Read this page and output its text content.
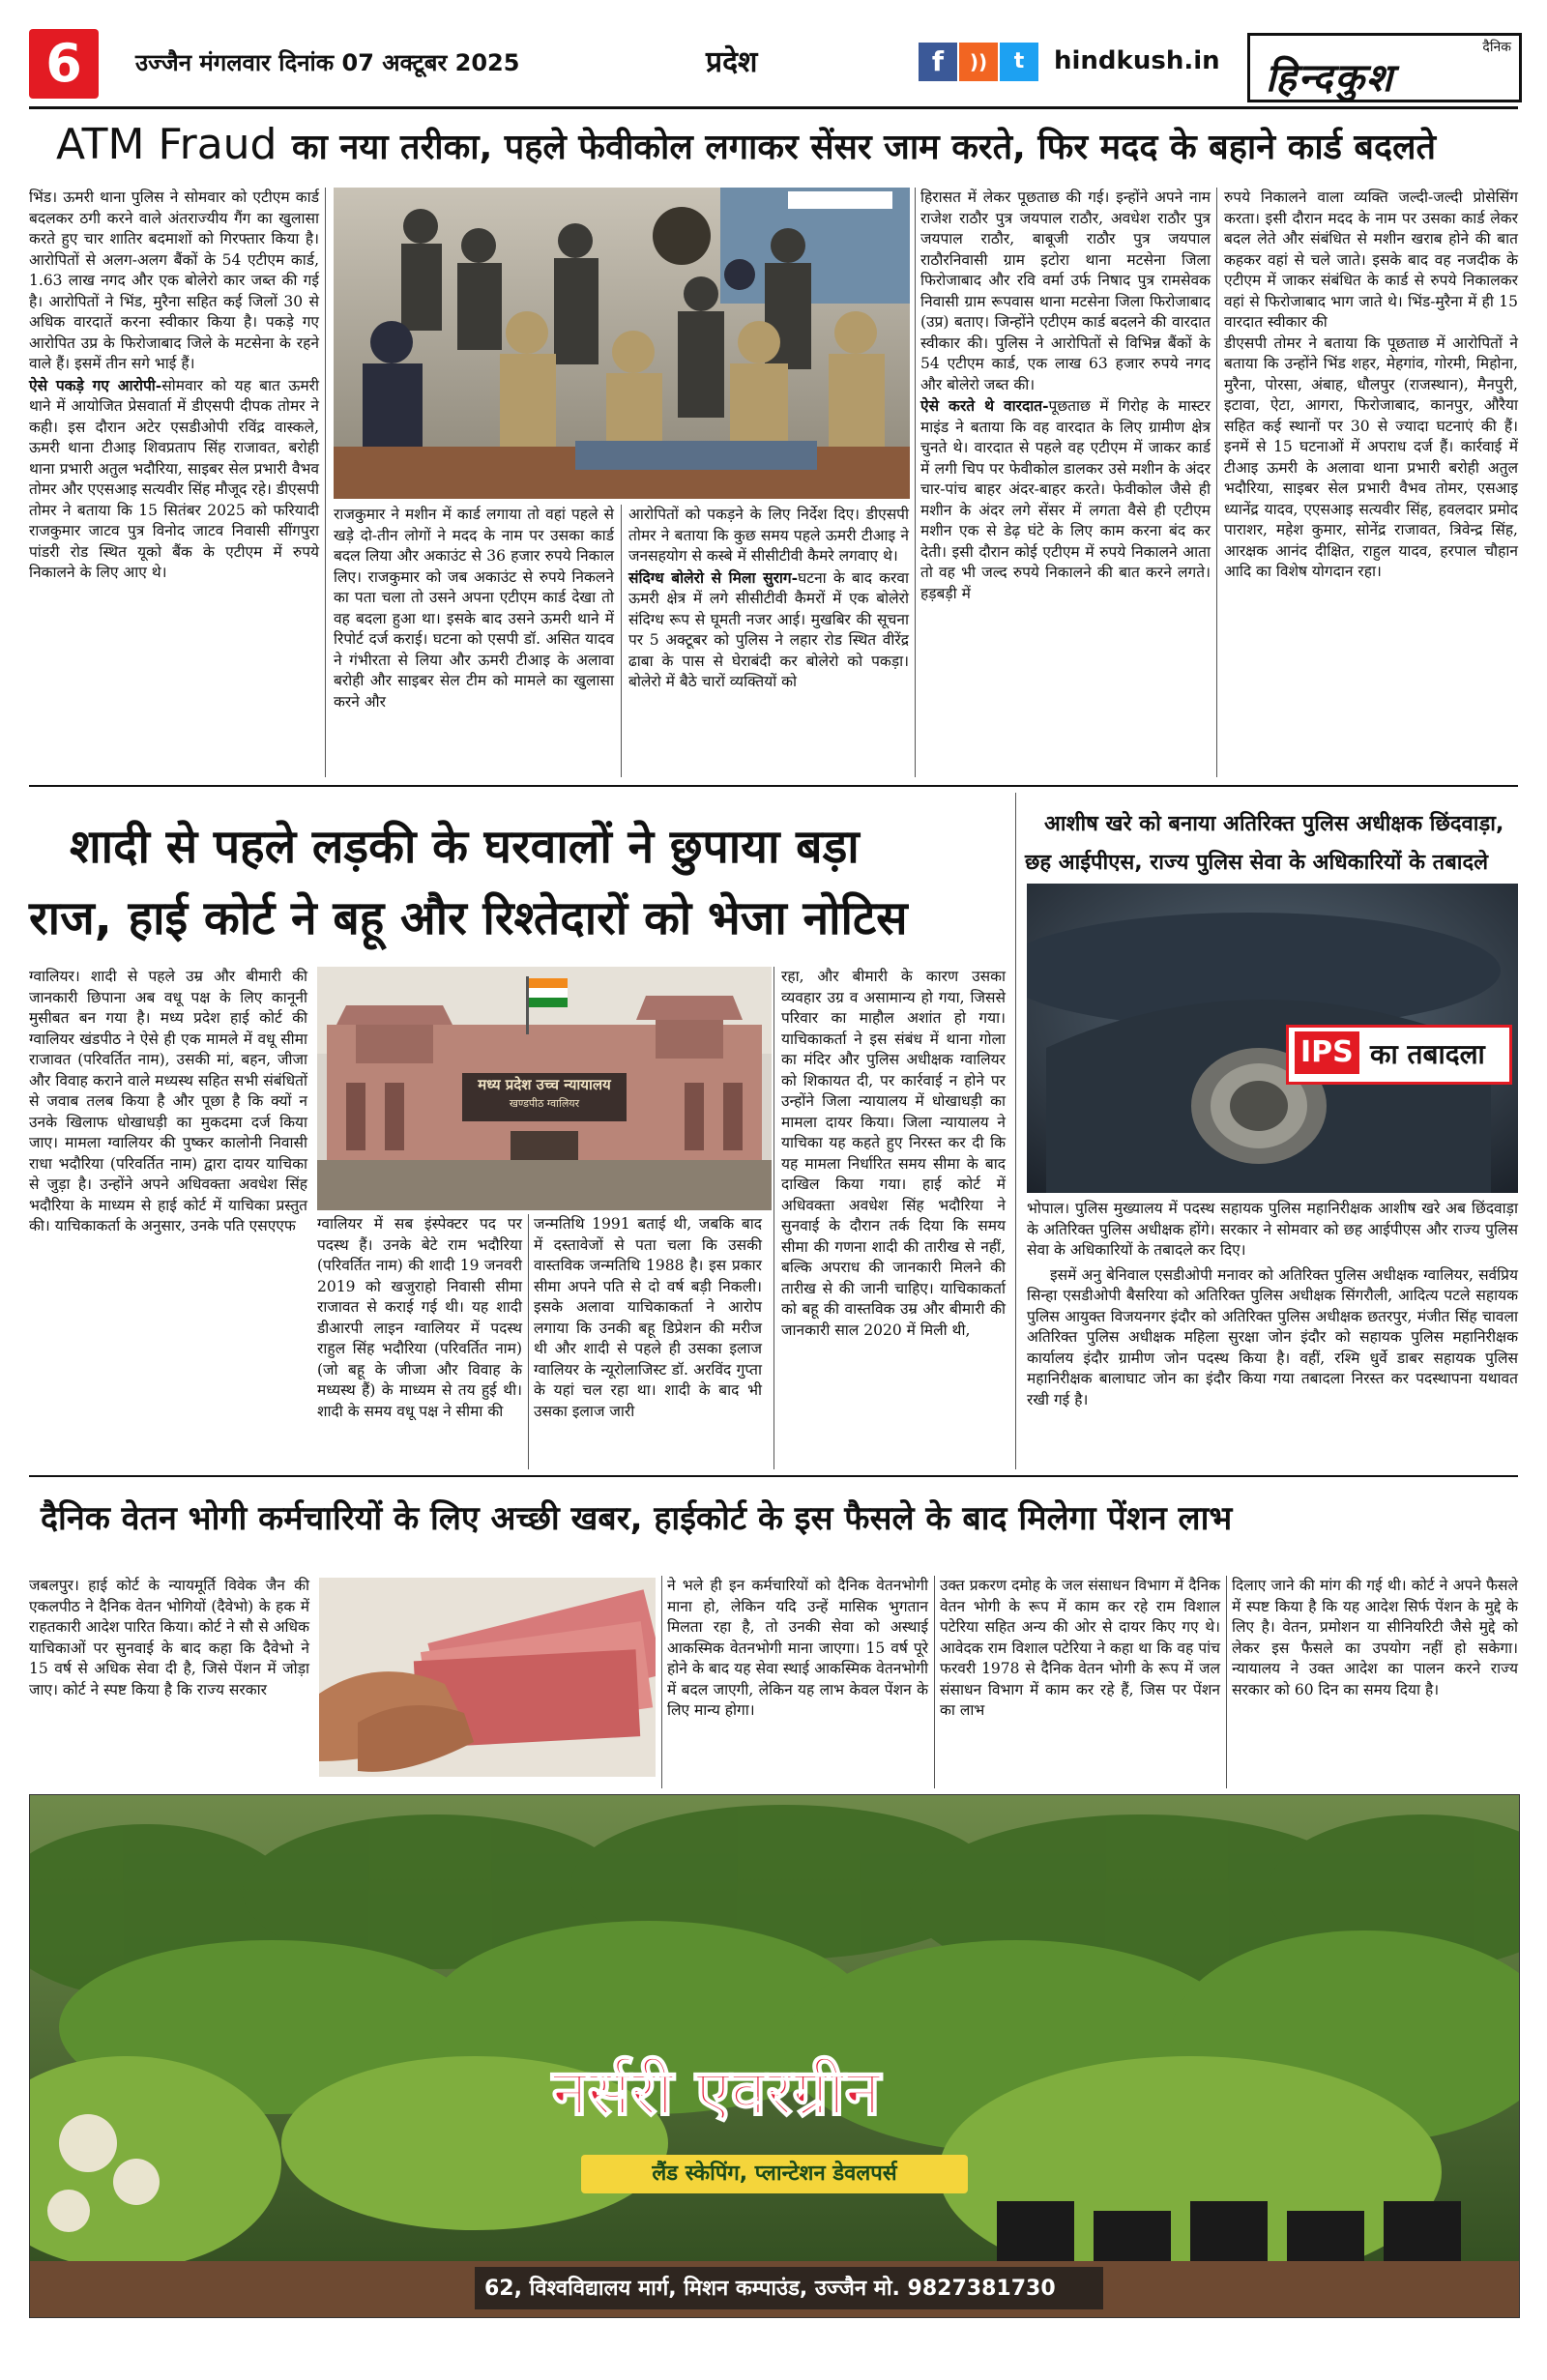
6	उज्जैन मंगलवार दिनांक 07 अक्टूबर 2025	प्रदेश	f	))	t	hindkush.in	दैनिक
हिन्दकुश
ATM Fraud का नया तरीका, पहले फेवीकोल लगाकर सेंसर जाम करते, फिर मदद के बहाने कार्ड बदलते

भिंड। ऊमरी थाना पुलिस ने सोमवार को एटीएम कार्ड बदलकर ठगी करने वाले अंतराज्यीय गैंग का खुलासा करते हुए चार शातिर बदमाशों को गिरफ्तार किया है। आरोपितों से अलग-अलग बैंकों के 54 एटीएम कार्ड, 1.63 लाख नगद और एक बोलेरो कार जब्त की गई है। आरोपितों ने भिंड, मुरैना सहित कई जिलों 30 से अधिक वारदातें करना स्वीकार किया है। पकड़े गए आरोपित उप्र के फिरोजाबाद जिले के मटसेना के रहने वाले हैं। इसमें तीन सगे भाई हैं।

ऐसे पकड़े गए आरोपी-सोमवार को यह बात ऊमरी थाने में आयोजित प्रेसवार्ता में डीएसपी दीपक तोमर ने कही। इस दौरान अटेर एसडीओपी रविंद्र वास्कले, ऊमरी थाना टीआइ शिवप्रताप सिंह राजावत, बरोही थाना प्रभारी अतुल भदौरिया, साइबर सेल प्रभारी वैभव तोमर और एएसआइ सत्यवीर सिंह मौजूद रहे। डीएसपी तोमर ने बताया कि 15 सितंबर 2025 को फरियादी राजकुमार जाटव पुत्र विनोद जाटव निवासी सींगपुरा पांडरी रोड स्थित यूको बैंक के एटीएम में रुपये निकालने के लिए आए थे।

राजकुमार ने मशीन में कार्ड लगाया तो वहां पहले से खड़े दो-तीन लोगों ने मदद के नाम पर उसका कार्ड बदल लिया और अकाउंट से 36 हजार रुपये निकाल लिए। राजकुमार को जब अकाउंट से रुपये निकलने का पता चला तो उसने अपना एटीएम कार्ड देखा तो वह बदला हुआ था। इसके बाद उसने ऊमरी थाने में रिपोर्ट दर्ज कराई। घटना को एसपी डॉ. असित यादव ने गंभीरता से लिया और ऊमरी टीआइ के अलावा बरोही और साइबर सेल टीम को मामले का खुलासा करने और

आरोपितों को पकड़ने के लिए निर्देश दिए। डीएसपी तोमर ने बताया कि कुछ समय पहले ऊमरी टीआइ ने जनसहयोग से कस्बे में सीसीटीवी कैमरे लगवाए थे।

संदिग्ध बोलेरो से मिला सुराग-घटना के बाद करवा ऊमरी क्षेत्र में लगे सीसीटीवी कैमरों में एक बोलेरो संदिग्ध रूप से घूमती नजर आई। मुखबिर की सूचना पर 5 अक्टूबर को पुलिस ने लहार रोड स्थित वीरेंद्र ढाबा के पास से घेराबंदी कर बोलेरो को पकड़ा। बोलेरो में बैठे चारों व्यक्तियों को

हिरासत में लेकर पूछताछ की गई। इन्होंने अपने नाम राजेश राठौर पुत्र जयपाल राठौर, अवधेश राठौर पुत्र जयपाल राठौर, बाबूजी राठौर पुत्र जयपाल राठौरनिवासी ग्राम इटोरा थाना मटसेना जिला फिरोजाबाद और रवि वर्मा उर्फ निषाद पुत्र रामसेवक निवासी ग्राम रूपवास थाना मटसेना जिला फिरोजाबाद (उप्र) बताए। जिन्होंने एटीएम कार्ड बदलने की वारदात स्वीकार की। पुलिस ने आरोपितों से विभिन्न बैंकों के 54 एटीएम कार्ड, एक लाख 63 हजार रुपये नगद और बोलेरो जब्त की।

ऐसे करते थे वारदात-पूछताछ में गिरोह के मास्टर माइंड ने बताया कि वह वारदात के लिए ग्रामीण क्षेत्र चुनते थे। वारदात से पहले वह एटीएम में जाकर कार्ड में लगी चिप पर फेवीकोल डालकर उसे मशीन के अंदर चार-पांच बाहर अंदर-बाहर करते। फेवीकोल जैसे ही मशीन के अंदर लगे सेंसर में लगता वैसे ही एटीएम मशीन एक से डेढ़ घंटे के लिए काम करना बंद कर देती। इसी दौरान कोई एटीएम में रुपये निकालने आता तो वह भी जल्द रुपये निकालने की बात करने लगते। हड़बड़ी में

रुपये निकालने वाला व्यक्ति जल्दी-जल्दी प्रोसेसिंग करता। इसी दौरान मदद के नाम पर उसका कार्ड लेकर बदल लेते और संबंधित से मशीन खराब होने की बात कहकर वहां से चले जाते। इसके बाद वह नजदीक के एटीएम में जाकर संबंधित के कार्ड से रुपये निकालकर वहां से फिरोजाबाद भाग जाते थे। भिंड-मुरैना में ही 15 वारदात स्वीकार की

डीएसपी तोमर ने बताया कि पूछताछ में आरोपितों ने बताया कि उन्होंने भिंड शहर, मेहगांव, गोरमी, मिहोना, मुरैना, पोरसा, अंबाह, धौलपुर (राजस्थान), मैनपुरी, इटावा, ऐटा, आगरा, फिरोजाबाद, कानपुर, औरैया सहित कई स्थानों पर 30 से ज्यादा घटनाएं की हैं। इनमें से 15 घटनाओं में अपराध दर्ज हैं। कार्रवाई में टीआइ ऊमरी के अलावा थाना प्रभारी बरोही अतुल भदौरिया, साइबर सेल प्रभारी वैभव तोमर, एसआइ ध्यानेंद्र यादव, एएसआइ सत्यवीर सिंह, हवलदार प्रमोद पाराशर, महेश कुमार, सोनेंद्र राजावत, त्रिवेन्द्र सिंह, आरक्षक आनंद दीक्षित, राहुल यादव, हरपाल चौहान आदि का विशेष योगदान रहा।

शादी से पहले लड़की के घरवालों ने छुपाया बड़ा
राज, हाई कोर्ट ने बहू और रिश्तेदारों को भेजा नोटिस

ग्वालियर। शादी से पहले उम्र और बीमारी की जानकारी छिपाना अब वधू पक्ष के लिए कानूनी मुसीबत बन गया है। मध्य प्रदेश हाई कोर्ट की ग्वालियर खंडपीठ ने ऐसे ही एक मामले में वधू सीमा राजावत (परिवर्तित नाम), उसकी मां, बहन, जीजा और विवाह कराने वाले मध्यस्थ सहित सभी संबंधितों से जवाब तलब किया है और पूछा है कि क्यों न उनके खिलाफ धोखाधड़ी का मुकदमा दर्ज किया जाए। मामला ग्वालियर की पुष्कर कालोनी निवासी राधा भदौरिया (परिवर्तित नाम) द्वारा दायर याचिका से जुड़ा है। उन्होंने अपने अधिवक्ता अवधेश सिंह भदौरिया के माध्यम से हाई कोर्ट में याचिका प्रस्तुत की। याचिकाकर्ता के अनुसार, उनके पति एसएएफ

मध्य प्रदेश उच्च न्यायालय
खण्डपीठ ग्वालियर

ग्वालियर में सब इंस्पेक्टर पद पर पदस्थ हैं। उनके बेटे राम भदौरिया (परिवर्तित नाम) की शादी 19 जनवरी 2019 को खजुराहो निवासी सीमा राजावत से कराई गई थी। यह शादी डीआरपी लाइन ग्वालियर में पदस्थ राहुल सिंह भदौरिया (परिवर्तित नाम) (जो बहू के जीजा और विवाह के मध्यस्थ हैं) के माध्यम से तय हुई थी। शादी के समय वधू पक्ष ने सीमा की

जन्मतिथि 1991 बताई थी, जबकि बाद में दस्तावेजों से पता चला कि उसकी वास्तविक जन्मतिथि 1988 है। इस प्रकार सीमा अपने पति से दो वर्ष बड़ी निकली। इसके अलावा याचिकाकर्ता ने आरोप लगाया कि उनकी बहू डिप्रेशन की मरीज थी और शादी से पहले ही उसका इलाज ग्वालियर के न्यूरोलाजिस्ट डॉ. अरविंद गुप्ता के यहां चल रहा था। शादी के बाद भी उसका इलाज जारी

रहा, और बीमारी के कारण उसका व्यवहार उग्र व असामान्य हो गया, जिससे परिवार का माहौल अशांत हो गया। याचिकाकर्ता ने इस संबंध में थाना गोला का मंदिर और पुलिस अधीक्षक ग्वालियर को शिकायत दी, पर कार्रवाई न होने पर उन्होंने जिला न्यायालय में धोखाधड़ी का मामला दायर किया। जिला न्यायालय ने याचिका यह कहते हुए निरस्त कर दी कि यह मामला निर्धारित समय सीमा के बाद दाखिल किया गया। हाई कोर्ट में अधिवक्ता अवधेश सिंह भदौरिया ने सुनवाई के दौरान तर्क दिया कि समय सीमा की गणना शादी की तारीख से नहीं, बल्कि अपराध की जानकारी मिलने की तारीख से की जानी चाहिए। याचिकाकर्ता को बहू की वास्तविक उम्र और बीमारी की जानकारी साल 2020 में मिली थी,

आशीष खरे को बनाया अतिरिक्त पुलिस अधीक्षक छिंदवाड़ा,
छह आईपीएस, राज्य पुलिस सेवा के अधिकारियों के तबादले
IPS का तबादला

भोपाल। पुलिस मुख्यालय में पदस्थ सहायक पुलिस महानिरीक्षक आशीष खरे अब छिंदवाड़ा के अतिरिक्त पुलिस अधीक्षक होंगे। सरकार ने सोमवार को छह आईपीएस और राज्य पुलिस सेवा के अधिकारियों के तबादले कर दिए।

इसमें अनु बेनिवाल एसडीओपी मनावर को अतिरिक्त पुलिस अधीक्षक ग्वालियर, सर्वप्रिय सिन्हा एसडीओपी बैसरिया को अतिरिक्त पुलिस अधीक्षक सिंगरौली, आदित्य पटले सहायक पुलिस आयुक्त विजयनगर इंदौर को अतिरिक्त पुलिस अधीक्षक छतरपुर, मंजीत सिंह चावला अतिरिक्त पुलिस अधीक्षक महिला सुरक्षा जोन इंदौर को सहायक पुलिस महानिरीक्षक कार्यालय इंदौर ग्रामीण जोन पदस्थ किया है। वहीं, रश्मि धुर्वे डाबर सहायक पुलिस महानिरीक्षक बालाघाट जोन का इंदौर किया गया तबादला निरस्त कर पदस्थापना यथावत रखी गई है।

दैनिक वेतन भोगी कर्मचारियों के लिए अच्छी खबर, हाईकोर्ट के इस फैसले के बाद मिलेगा पेंशन लाभ

जबलपुर। हाई कोर्ट के न्यायमूर्ति विवेक जैन की एकलपीठ ने दैनिक वेतन भोगियों (दैवेभो) के हक में राहतकारी आदेश पारित किया। कोर्ट ने सौ से अधिक याचिकाओं पर सुनवाई के बाद कहा कि दैवेभो ने 15 वर्ष से अधिक सेवा दी है, जिसे पेंशन में जोड़ा जाए। कोर्ट ने स्पष्ट किया है कि राज्य सरकार

ने भले ही इन कर्मचारियों को दैनिक वेतनभोगी माना हो, लेकिन यदि उन्हें मासिक भुगतान मिलता रहा है, तो उनकी सेवा को अस्थाई आकस्मिक वेतनभोगी माना जाएगा। 15 वर्ष पूरे होने के बाद यह सेवा स्थाई आकस्मिक वेतनभोगी में बदल जाएगी, लेकिन यह लाभ केवल पेंशन के लिए मान्य होगा।

उक्त प्रकरण दमोह के जल संसाधन विभाग में दैनिक वेतन भोगी के रूप में काम कर रहे राम विशाल पटेरिया सहित अन्य की ओर से दायर किए गए थे। आवेदक राम विशाल पटेरिया ने कहा था कि वह पांच फरवरी 1978 से दैनिक वेतन भोगी के रूप में जल संसाधन विभाग में काम कर रहे हैं, जिस पर पेंशन का लाभ

दिलाए जाने की मांग की गई थी। कोर्ट ने अपने फैसले में स्पष्ट किया है कि यह आदेश सिर्फ पेंशन के मुद्दे के लिए है। वेतन, प्रमोशन या सीनियरिटी जैसे मुद्दे को लेकर इस फैसले का उपयोग नहीं हो सकेगा। न्यायालय ने उक्त आदेश का पालन करने राज्य सरकार को 60 दिन का समय दिया है।

नर्सरी एवरग्रीन
लैंड स्केपिंग, प्लान्टेशन डेवलपर्स
62, विश्वविद्यालय मार्ग, मिशन कम्पाउंड, उज्जैन मो. 9827381730
